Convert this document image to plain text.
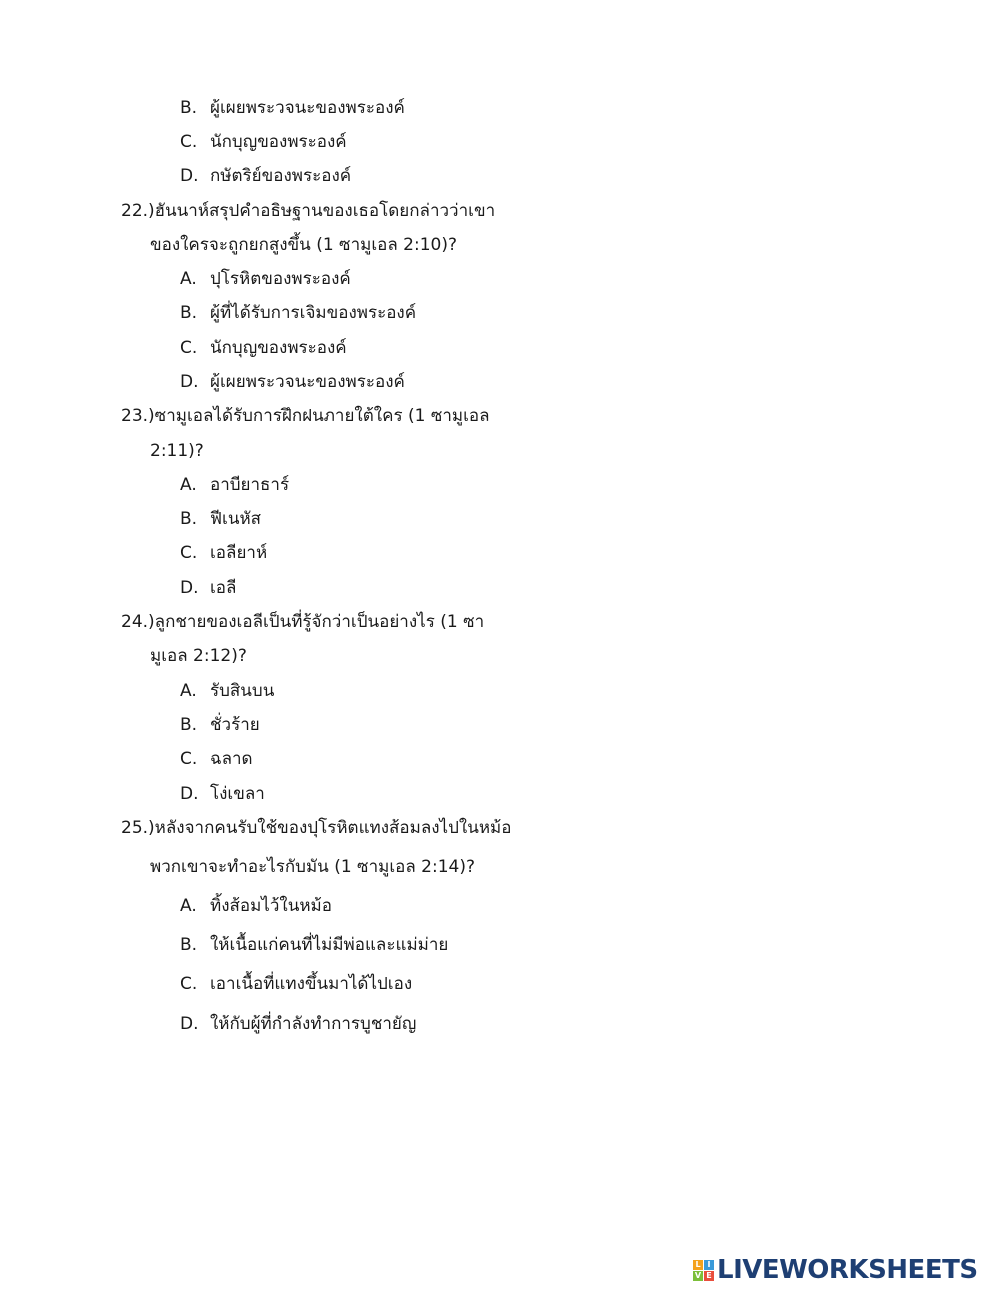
B. ผู้เผยพระวจนะของพระองค์
C. นักบุญของพระองค์
D. กษัตริย์ของพระองค์
22.)ฮันนาห์สรุปคำอธิษฐานของเธอโดยกล่าวว่าเขา
ของใครจะถูกยกสูงขึ้น (1 ซามูเอล 2:10)?
A. ปุโรหิตของพระองค์
B. ผู้ที่ได้รับการเจิมของพระองค์
C. นักบุญของพระองค์
D. ผู้เผยพระวจนะของพระองค์
23.)ซามูเอลได้รับการฝึกฝนภายใต้ใคร (1 ซามูเอล
2:11)?
A. อาบียาธาร์
B. ฟีเนหัส
C. เอลียาห์
D. เอลี
24.)ลูกชายของเอลีเป็นที่รู้จักว่าเป็นอย่างไร (1 ซา
มูเอล 2:12)?
A. รับสินบน
B. ชั่วร้าย
C. ฉลาด
D. โง่เขลา
25.)หลังจากคนรับใช้ของปุโรหิตแทงส้อมลงไปในหม้อ
พวกเขาจะทำอะไรกับมัน (1 ซามูเอล 2:14)?
A. ทิ้งส้อมไว้ในหม้อ
B. ให้เนื้อแก่คนที่ไม่มีพ่อและแม่ม่าย
C. เอาเนื้อที่แทงขึ้นมาได้ไปเอง
D. ให้กับผู้ที่กำลังทำการบูชายัญ
L I
V E LIVEWORKSHEETS
